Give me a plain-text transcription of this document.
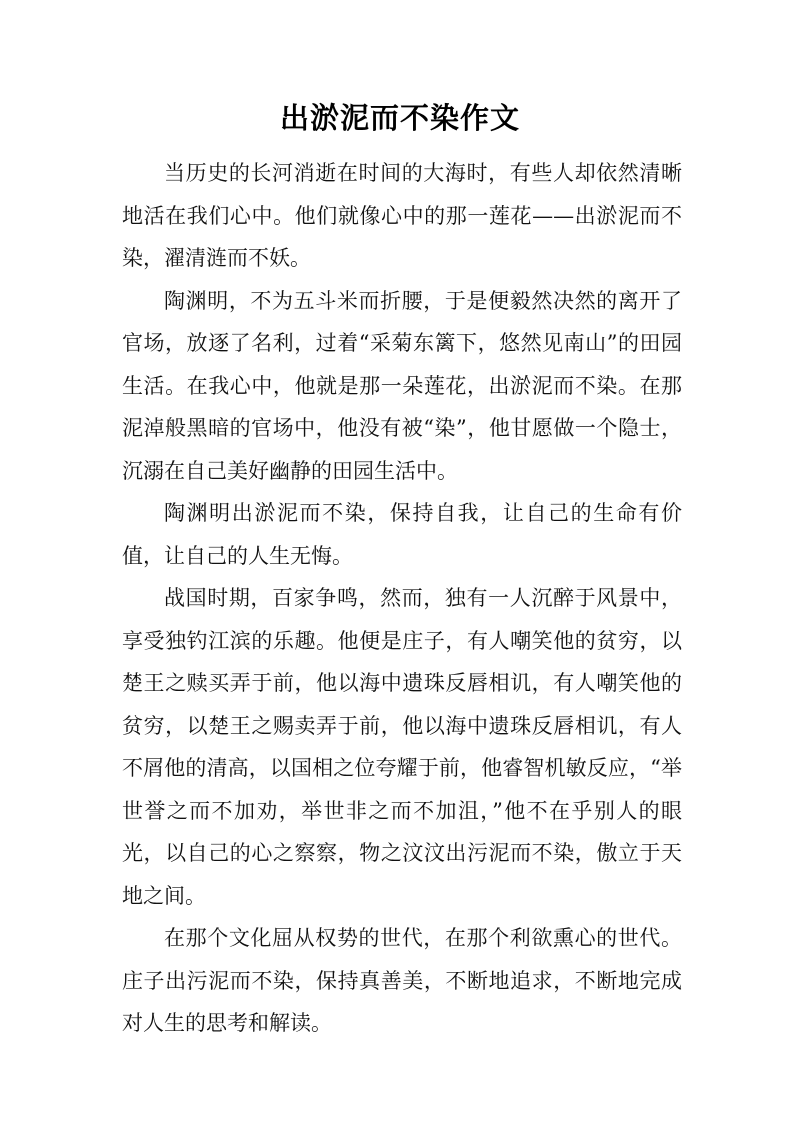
出淤泥而不染作文

当历史的长河消逝在时间的大海时，有些人却依然清晰地活在我们心中。他们就像心中的那一莲花——出淤泥而不染，濯清涟而不妖。

陶渊明，不为五斗米而折腰，于是便毅然决然的离开了官场，放逐了名利，过着“采菊东篱下，悠然见南山”的田园生活。在我心中，他就是那一朵莲花，出淤泥而不染。在那泥淖般黑暗的官场中，他没有被“染”，他甘愿做一个隐士，沉溺在自己美好幽静的田园生活中。

陶渊明出淤泥而不染，保持自我，让自己的生命有价值，让自己的人生无悔。

战国时期，百家争鸣，然而，独有一人沉醉于风景中，享受独钓江滨的乐趣。他便是庄子，有人嘲笑他的贫穷，以楚王之赎买弄于前，他以海中遗珠反唇相讥，有人嘲笑他的贫穷，以楚王之赐卖弄于前，他以海中遗珠反唇相讥，有人不屑他的清高，以国相之位夸耀于前，他睿智机敏反应，“举世誉之而不加劝，举世非之而不加沮，”他不在乎别人的眼光，以自己的心之察察，物之汶汶出污泥而不染，傲立于天地之间。

在那个文化屈从权势的世代，在那个利欲熏心的世代。庄子出污泥而不染，保持真善美，不断地追求，不断地完成对人生的思考和解读。
